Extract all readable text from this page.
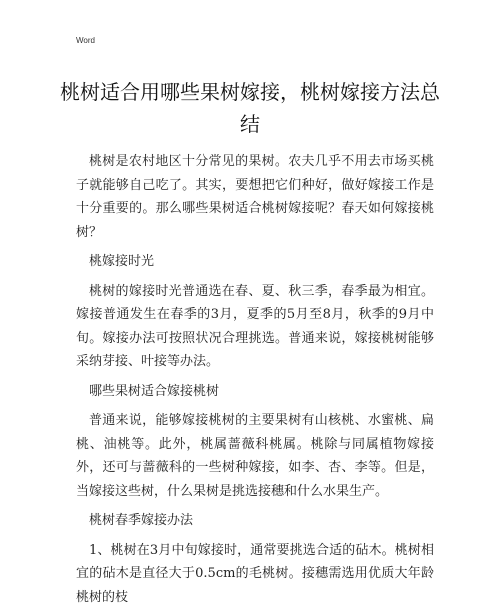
Word
桃树适合用哪些果树嫁接，桃树嫁接方法总结

桃树是农村地区十分常见的果树。农夫几乎不用去市场买桃子就能够自己吃了。其实，要想把它们种好，做好嫁接工作是十分重要的。那么哪些果树适合桃树嫁接呢？春天如何嫁接桃树？

桃嫁接时光

桃树的嫁接时光普通选在春、夏、秋三季，春季最为相宜。嫁接普通发生在春季的3月，夏季的5月至8月，秋季的9月中旬。嫁接办法可按照状况合理挑选。普通来说，嫁接桃树能够采纳芽接、叶接等办法。

哪些果树适合嫁接桃树

普通来说，能够嫁接桃树的主要果树有山核桃、水蜜桃、扁桃、油桃等。此外，桃属蔷薇科桃属。桃除与同属植物嫁接外，还可与蔷薇科的一些树种嫁接，如李、杏、李等。但是，当嫁接这些树，什么果树是挑选接穗和什么水果生产。

桃树春季嫁接办法

1、桃树在3月中旬嫁接时，通常要挑选合适的砧木。桃树相宜的砧木是直径大于0.5cm的毛桃树。接穗需选用优质大年龄桃树的枝
